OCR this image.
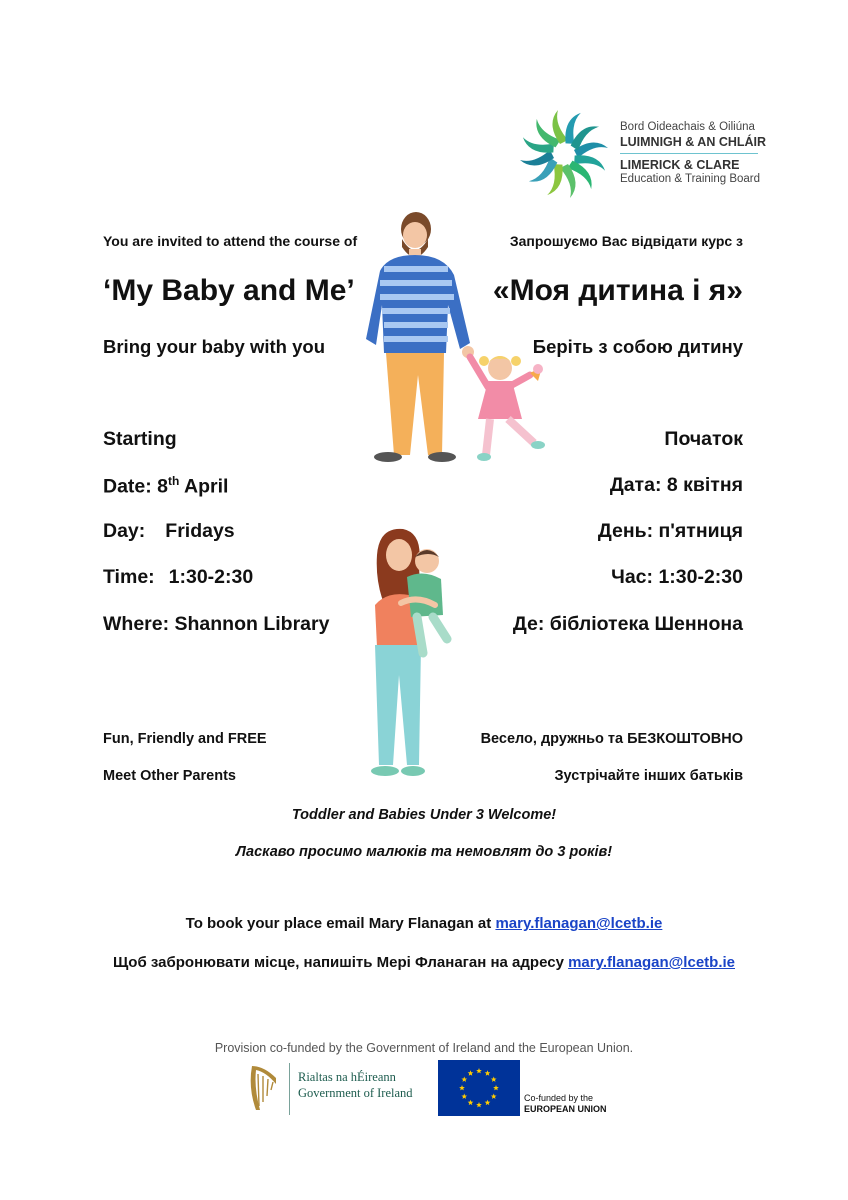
Bord Oideachais & Oiliúna
LUIMNIGH & AN CHLÁIR
LIMERICK & CLARE
Education & Training Board
You are invited to attend the course of	Запрошуємо Вас відвідати курс з
‘My Baby and Me’	«Моя дитина і я»
Bring your baby with you	Беріть з собою дитину
Starting	Початок
Date: 8th April	Дата: 8 квітня
Day: Fridays	День: п'ятниця
Time: 1:30-2:30	Час: 1:30-2:30
Where: Shannon Library	Де: бібліотека Шеннона
Fun, Friendly and FREE	Весело, дружньо та БЕЗКОШТОВНО
Meet Other Parents	Зустрічайте інших батьків
Toddler and Babies Under 3 Welcome!
Ласкаво просимо малюків та немовлят до 3 років!
To book your place email Mary Flanagan at mary.flanagan@lcetb.ie
Щоб забронювати місце, напишіть Мері Фланаган на адресу mary.flanagan@lcetb.ie
Provision co-funded by the Government of Ireland and the European Union.
Rialtas na hÉireann
Government of Ireland	Co-funded by the
EUROPEAN UNION
